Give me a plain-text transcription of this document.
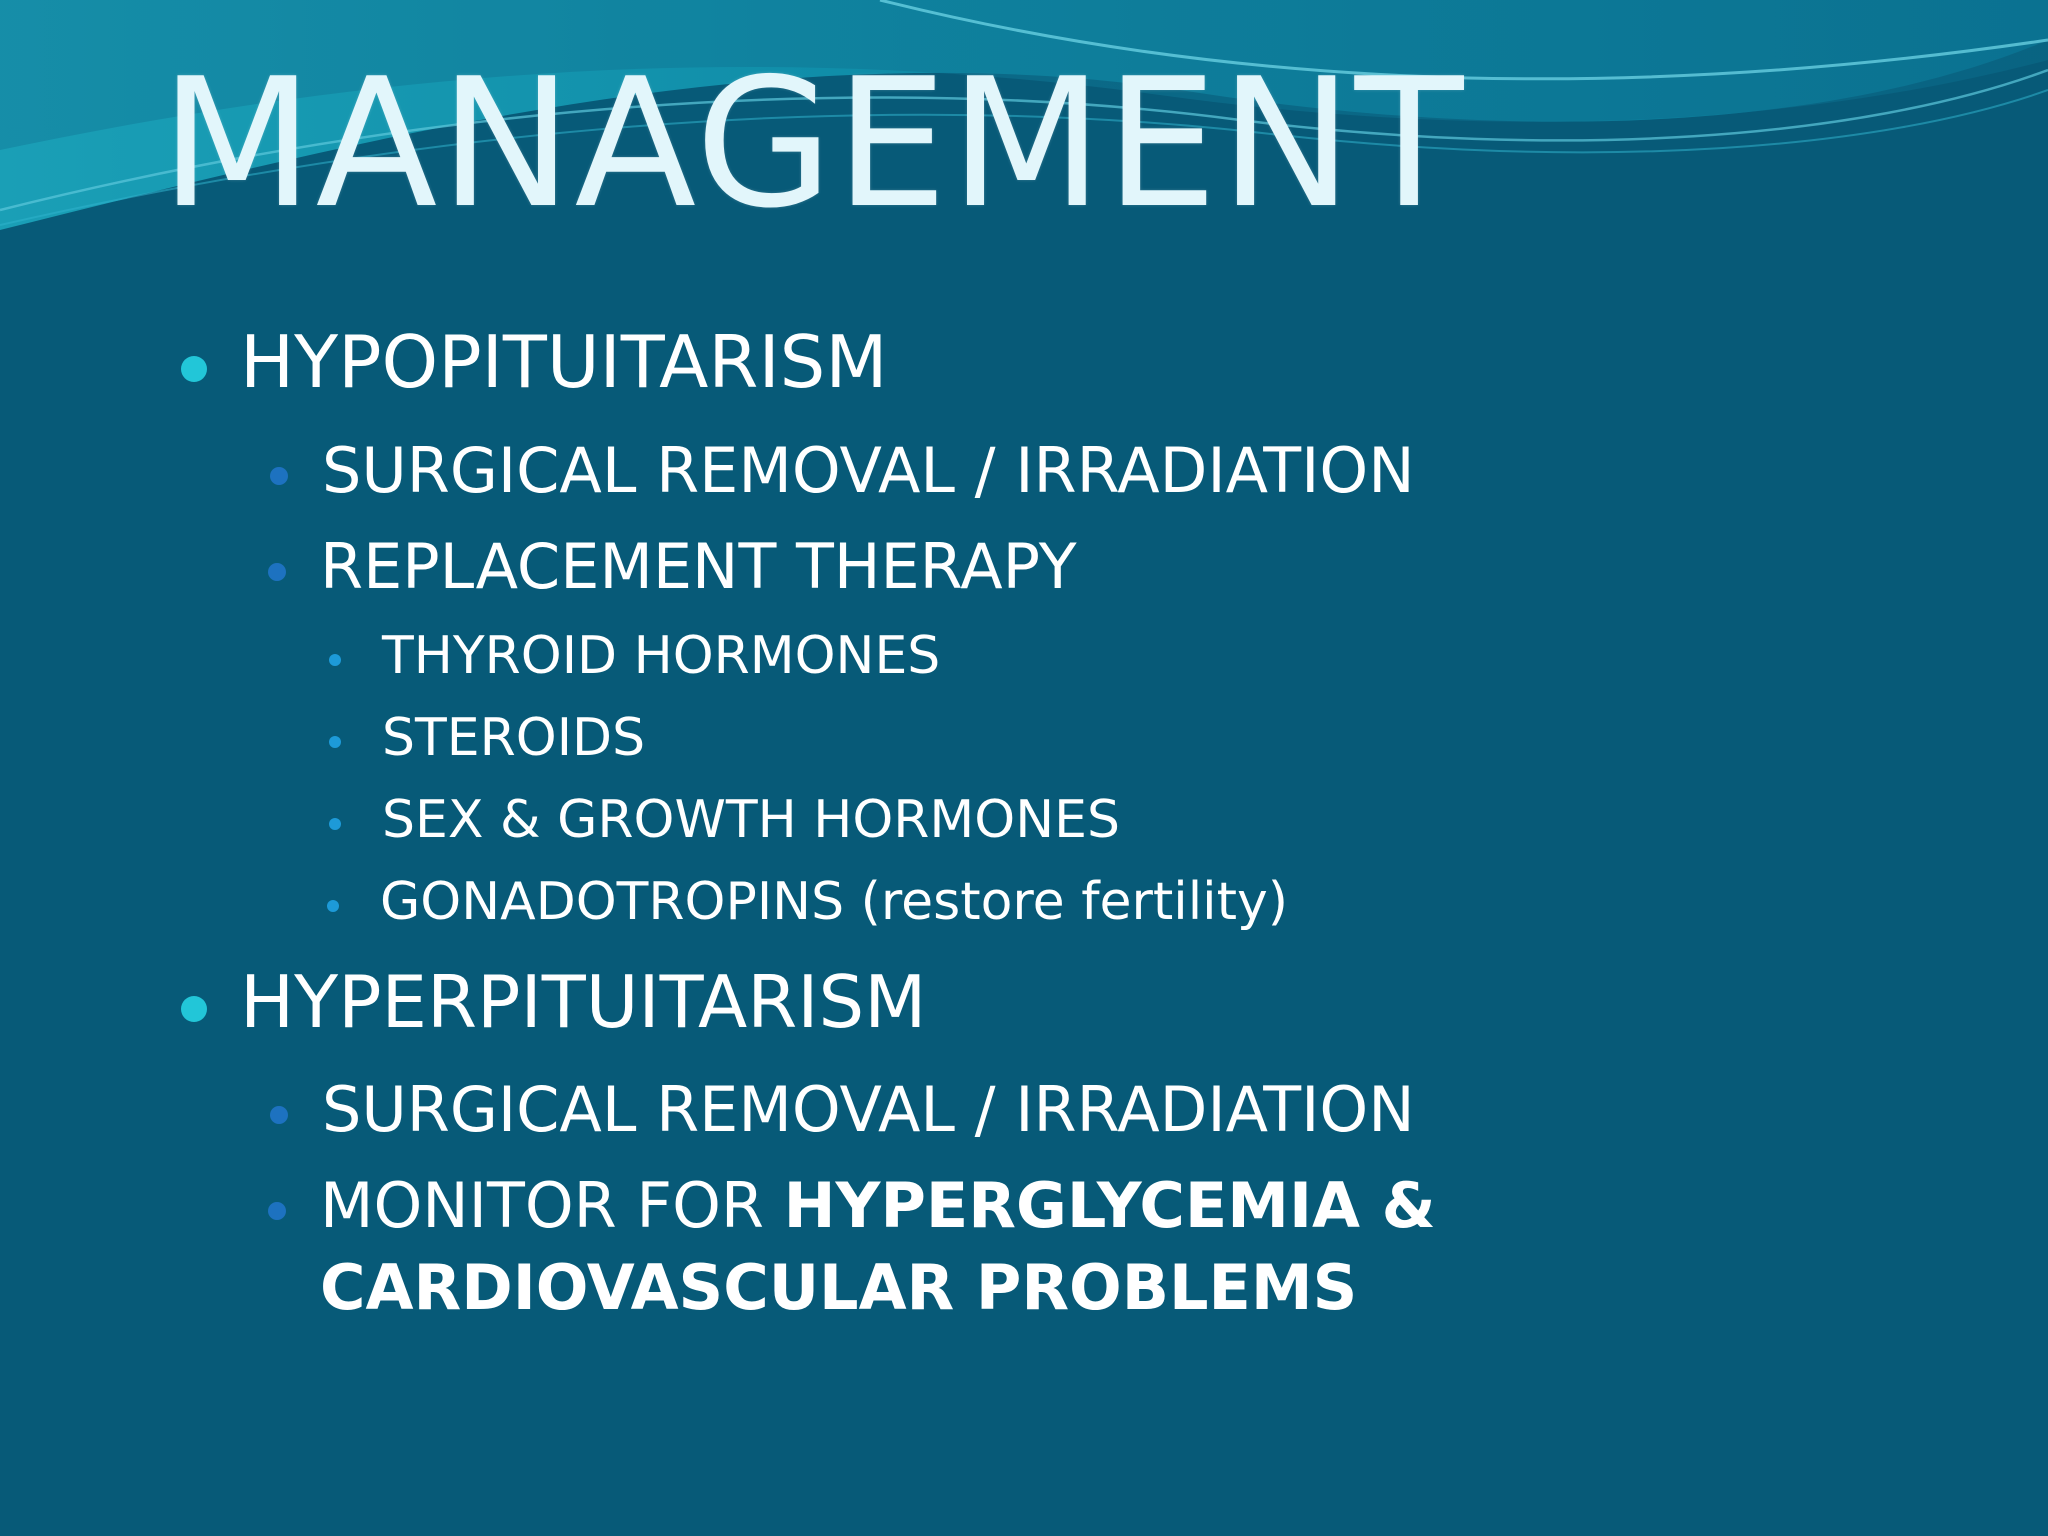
MANAGEMENT
HYPOPITUITARISM
SURGICAL REMOVAL / IRRADIATION
REPLACEMENT THERAPY
THYROID HORMONES
STEROIDS
SEX & GROWTH HORMONES
GONADOTROPINS (restore fertility)
HYPERPITUITARISM
SURGICAL REMOVAL / IRRADIATION
MONITOR FOR HYPERGLYCEMIA &
CARDIOVASCULAR PROBLEMS
